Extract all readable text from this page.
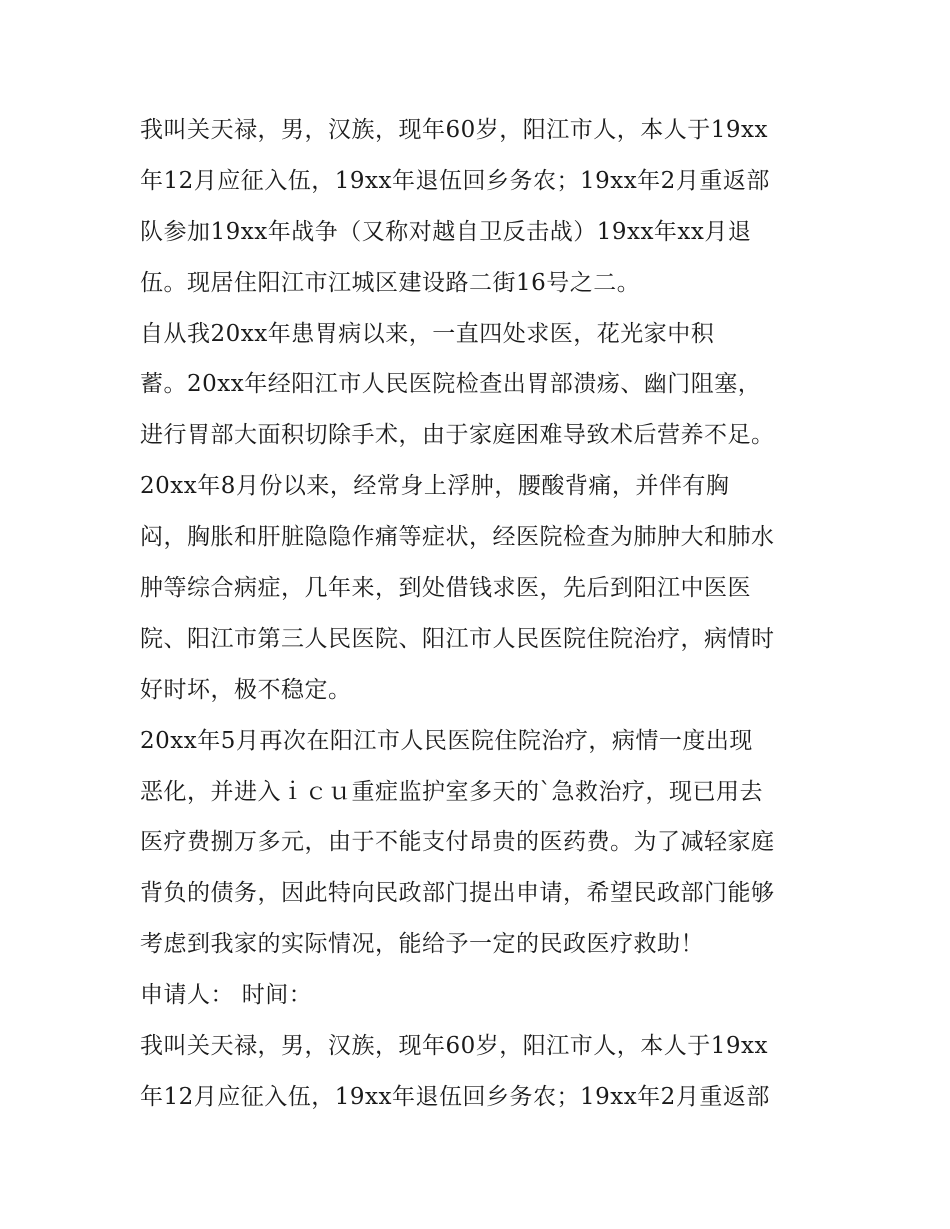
我叫关天禄，男，汉族，现年60岁，阳江市人，本人于19xx
年12月应征入伍，19xx年退伍回乡务农；19xx年2月重返部
队参加19xx年战争（又称对越自卫反击战）19xx年xx月退
伍。现居住阳江市江城区建设路二街16号之二。
自从我20xx年患胃病以来，一直四处求医，花光家中积
蓄。20xx年经阳江市人民医院检查出胃部溃疡、幽门阻塞，
进行胃部大面积切除手术，由于家庭困难导致术后营养不足。
20xx年8月份以来，经常身上浮肿，腰酸背痛，并伴有胸
闷，胸胀和肝脏隐隐作痛等症状，经医院检查为肺肿大和肺水
肿等综合病症，几年来，到处借钱求医，先后到阳江中医医
院、阳江市第三人民医院、阳江市人民医院住院治疗，病情时
好时坏，极不稳定。
20xx年5月再次在阳江市人民医院住院治疗，病情一度出现
恶化，并进入ｉｃｕ重症监护室多天的`急救治疗，现已用去
医疗费捌万多元，由于不能支付昂贵的医药费。为了减轻家庭
背负的债务，因此特向民政部门提出申请，希望民政部门能够
考虑到我家的实际情况，能给予一定的民政医疗救助！
申请人： 时间：
我叫关天禄，男，汉族，现年60岁，阳江市人，本人于19xx
年12月应征入伍，19xx年退伍回乡务农；19xx年2月重返部
